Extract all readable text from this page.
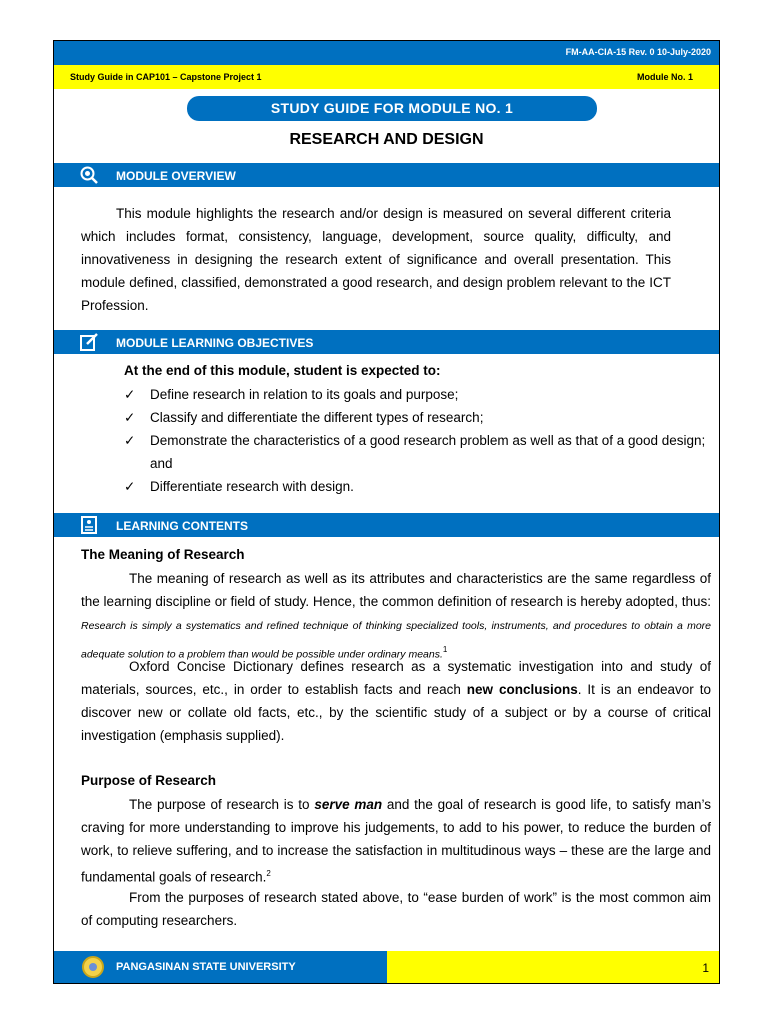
FM-AA-CIA-15 Rev. 0 10-July-2020
Study Guide in CAP101 – Capstone Project 1	Module No. 1
STUDY GUIDE FOR MODULE NO. 1
RESEARCH AND DESIGN
MODULE OVERVIEW
This module highlights the research and/or design is measured on several different criteria which includes format, consistency, language, development, source quality, difficulty, and innovativeness in designing the research extent of significance and overall presentation. This module defined, classified, demonstrated a good research, and design problem relevant to the ICT Profession.
MODULE LEARNING OBJECTIVES
At the end of this module, student is expected to:
✓ Define research in relation to its goals and purpose;
✓ Classify and differentiate the different types of research;
✓ Demonstrate the characteristics of a good research problem as well as that of a good design; and
✓ Differentiate research with design.
LEARNING CONTENTS
The Meaning of Research
The meaning of research as well as its attributes and characteristics are the same regardless of the learning discipline or field of study. Hence, the common definition of research is hereby adopted, thus: Research is simply a systematics and refined technique of thinking specialized tools, instruments, and procedures to obtain a more adequate solution to a problem than would be possible under ordinary means.$^1$
Oxford Concise Dictionary defines research as a systematic investigation into and study of materials, sources, etc., in order to establish facts and reach new conclusions. It is an endeavor to discover new or collate old facts, etc., by the scientific study of a subject or by a course of critical investigation (emphasis supplied).
Purpose of Research
The purpose of research is to serve man and the goal of research is good life, to satisfy man’s craving for more understanding to improve his judgements, to add to his power, to reduce the burden of work, to relieve suffering, and to increase the satisfaction in multitudinous ways – these are the large and fundamental goals of research.$^2$
From the purposes of research stated above, to “ease burden of work” is the most common aim of computing researchers.
PANGASINAN STATE UNIVERSITY	1
